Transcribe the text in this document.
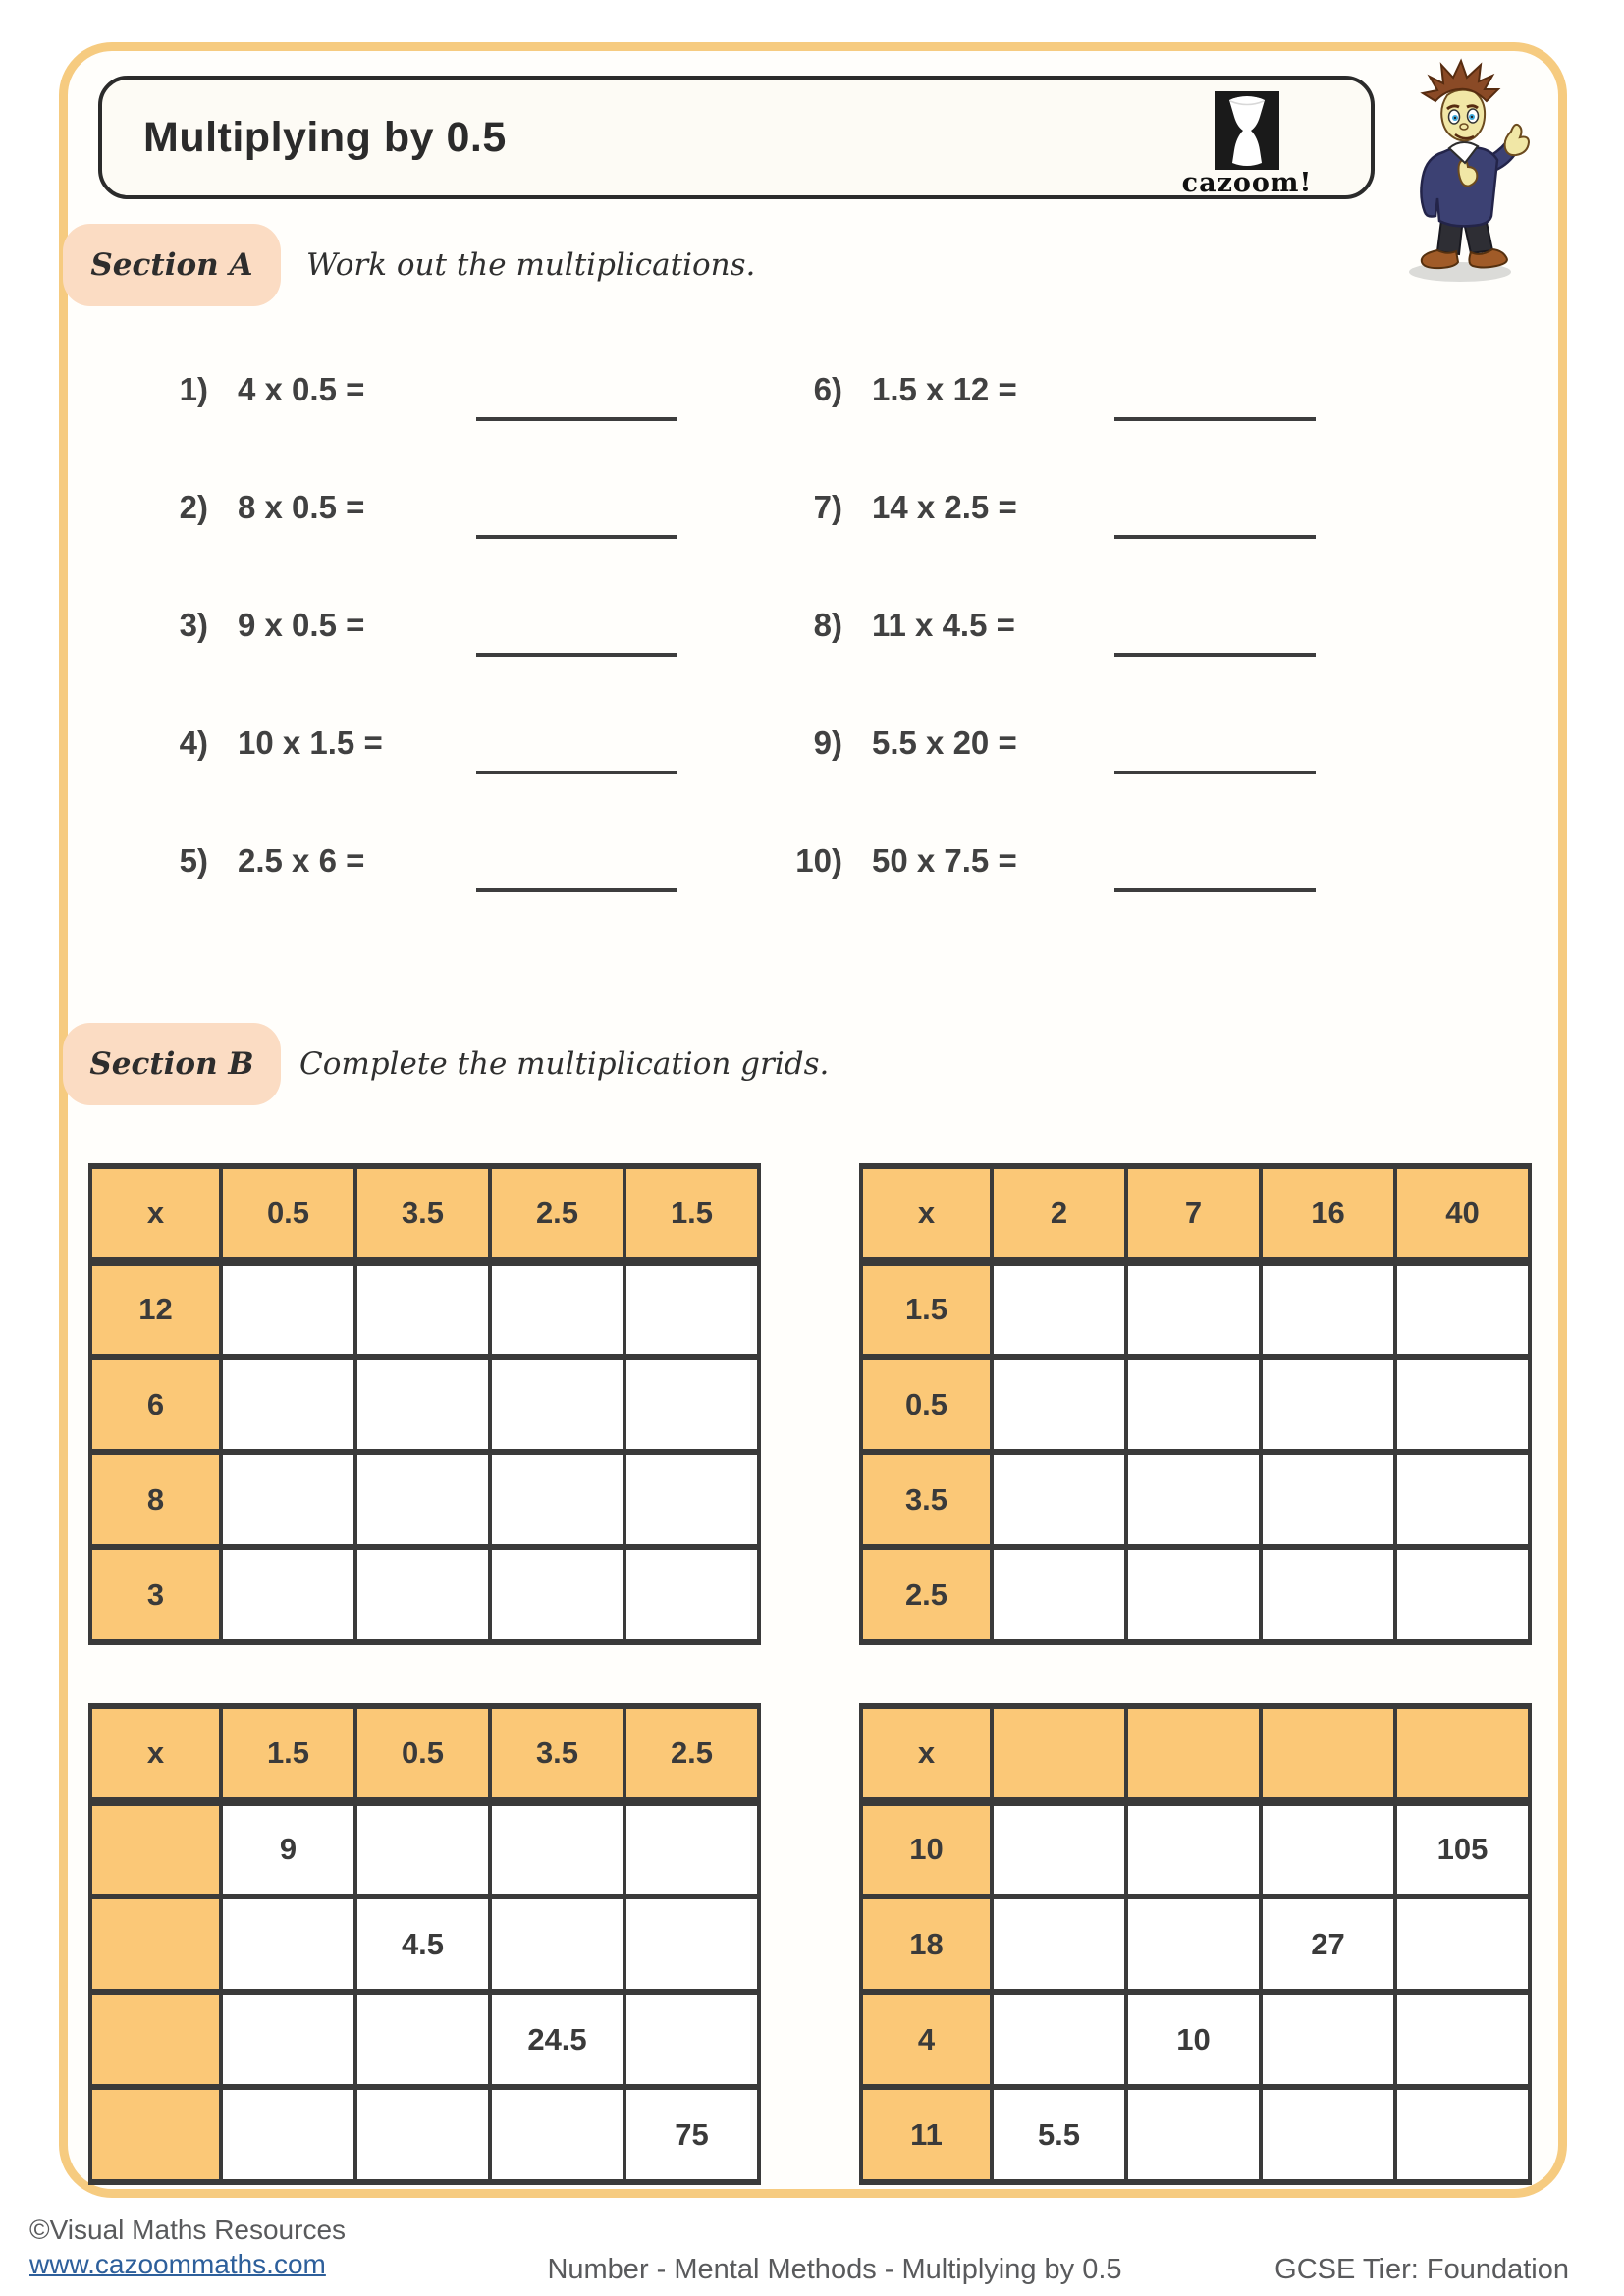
Multiplying by 0.5
cazoom!
Section A Work out the multiplications.
1) 4 x 0.5 =
2) 8 x 0.5 =
3) 9 x 0.5 =
4) 10 x 1.5 =
5) 2.5 x 6 =
6) 1.5 x 12 =
7) 14 x 2.5 =
8) 11 x 4.5 =
9) 5.5 x 20 =
10) 50 x 7.5 =
Section B Complete the multiplication grids.
x	0.5	3.5	2.5	1.5
12				
6				
8				
3				
x	2	7	16	40
1.5				
0.5				
3.5				
2.5				
x	1.5	0.5	3.5	2.5
	9			
		4.5		
			24.5	
				75
x				
10				105
18			27	
4		10		
11	5.5			
©Visual Maths Resources
www.cazoommaths.com	Number - Mental Methods - Multiplying by 0.5	GCSE Tier: Foundation
